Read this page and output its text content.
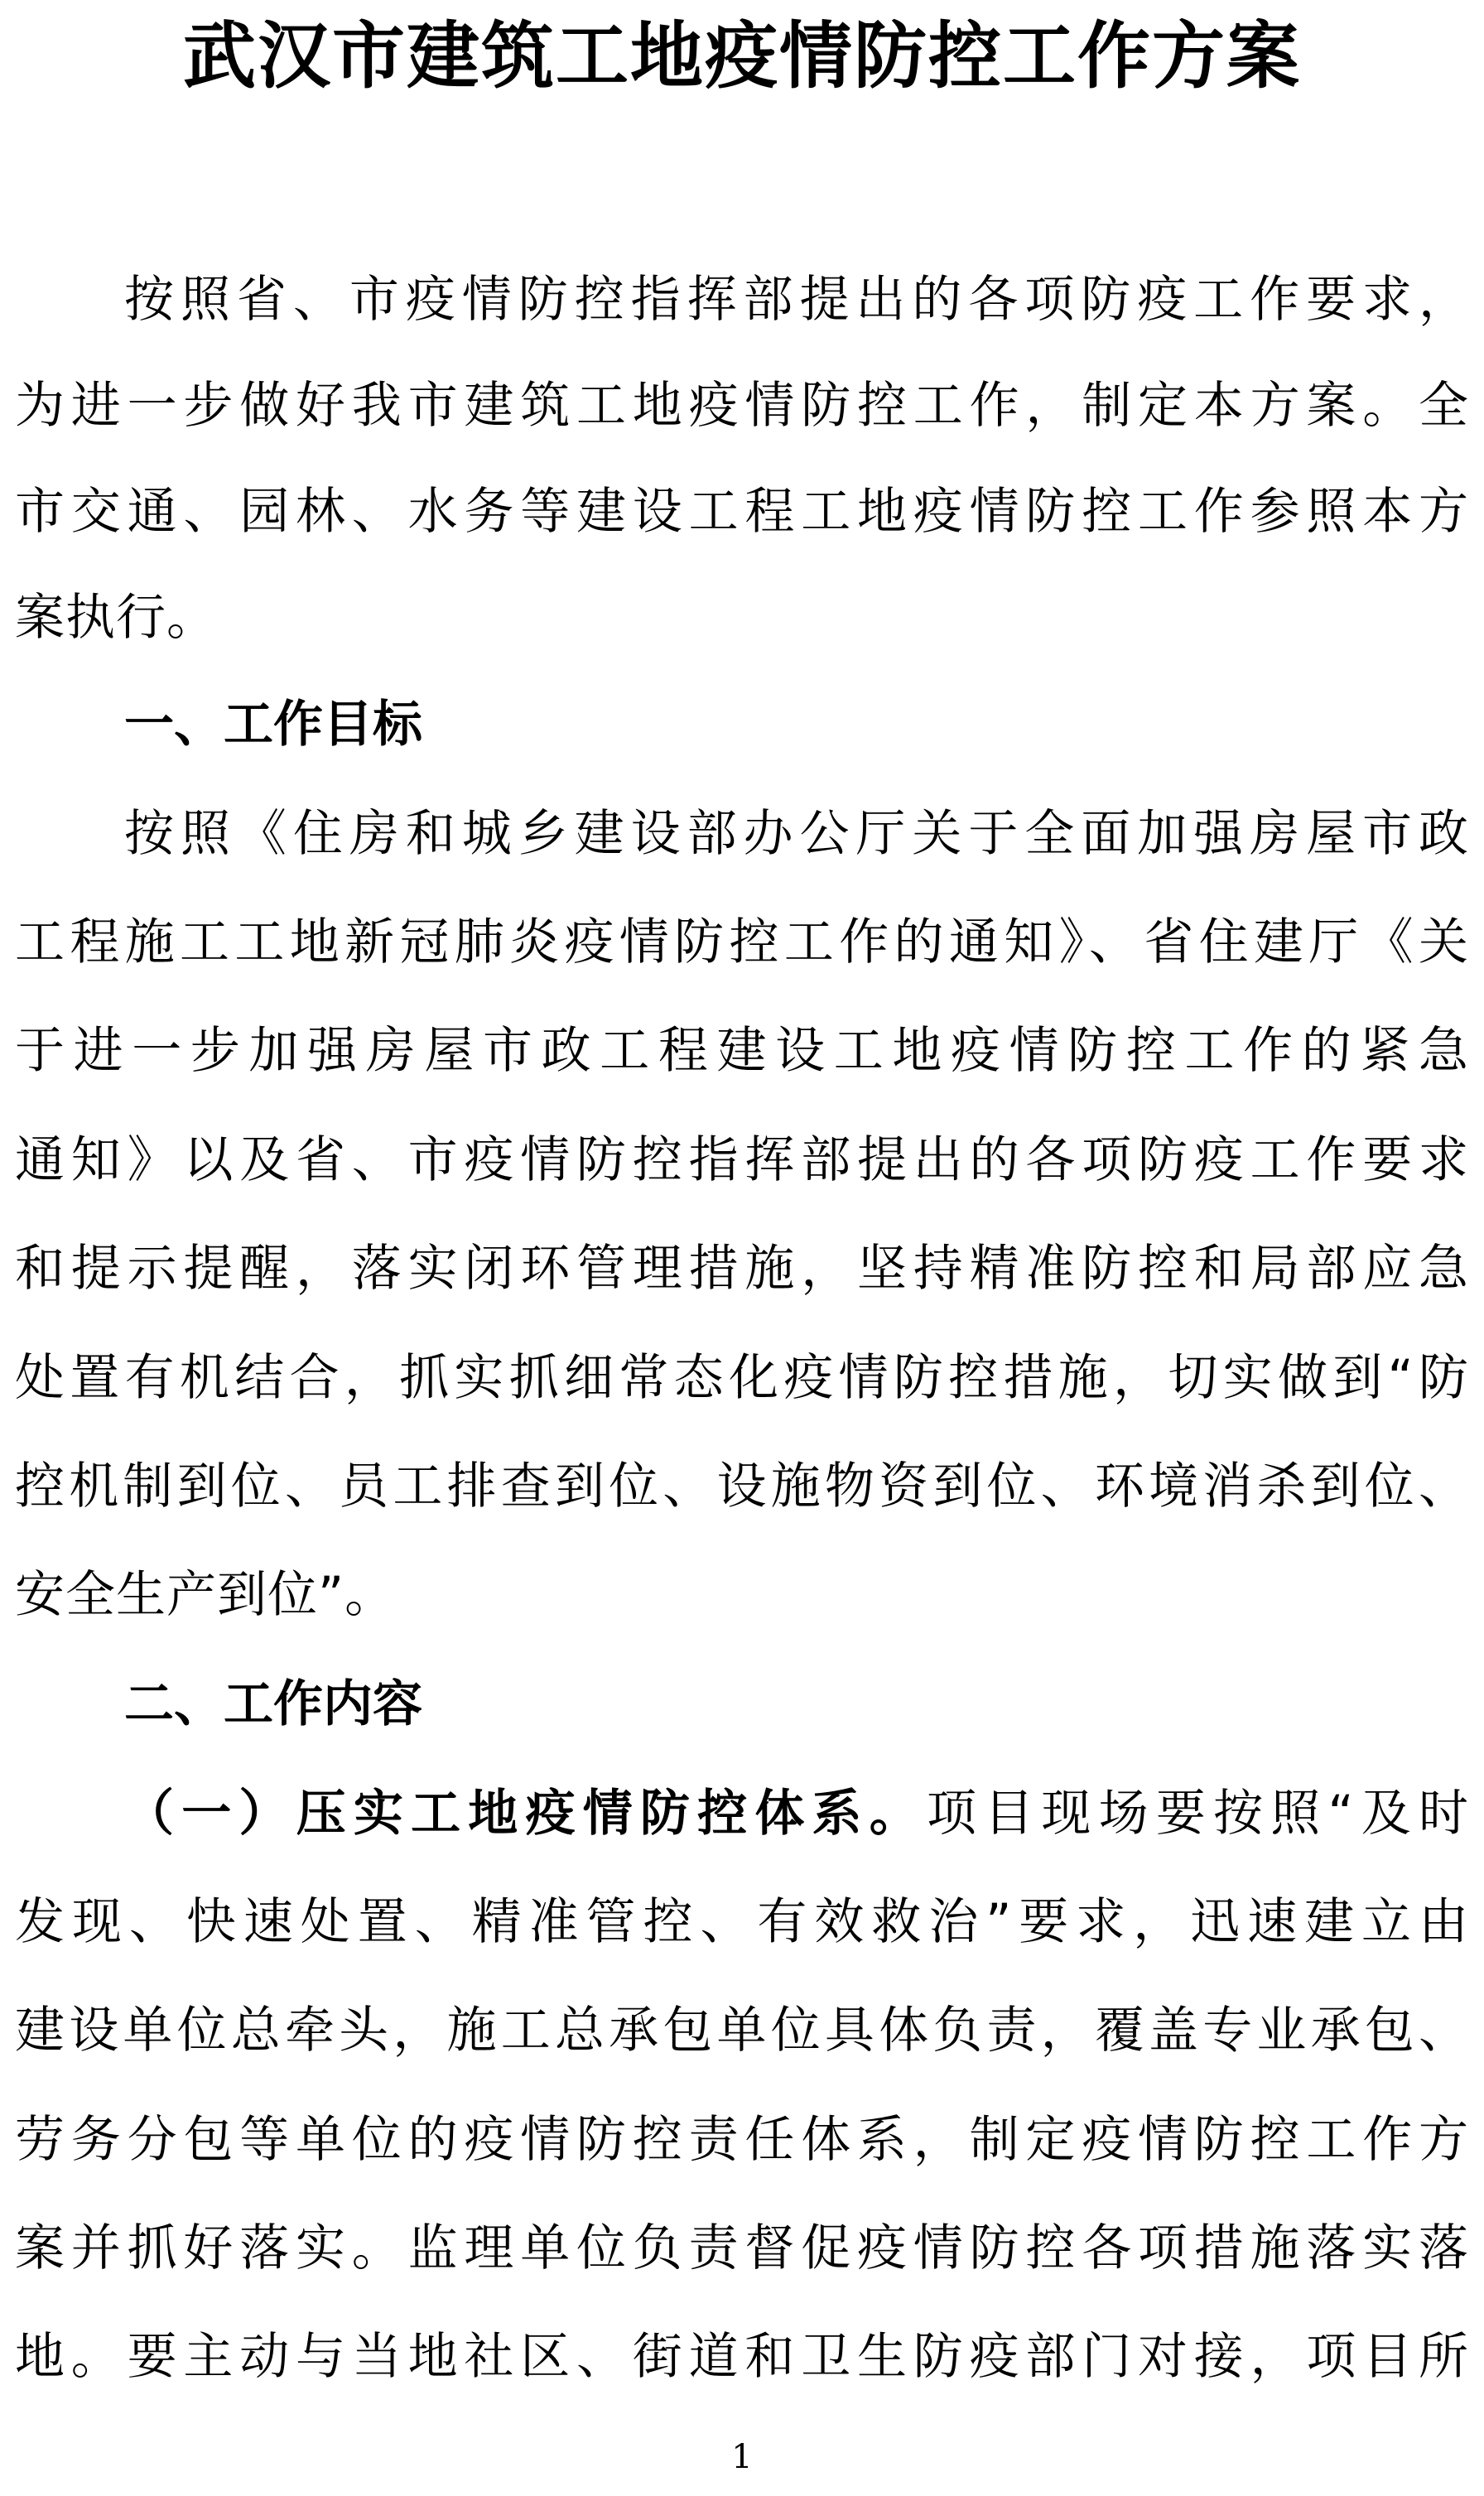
武汉市建筑工地疫情防控工作方案
按照省、市疫情防控指挥部提出的各项防疫工作要求，
为进一步做好我市建筑工地疫情防控工作，制定本方案。全
市交通、园林、水务等建设工程工地疫情防控工作参照本方
案执行。
一、工作目标
按照《住房和城乡建设部办公厅关于全面加强房屋市政
工程施工工地新冠肺炎疫情防控工作的通知》、省住建厅《关
于进一步加强房屋市政工程建设工地疫情防控工作的紧急
通知》以及省、市疫情防控指挥部提出的各项防疫工作要求
和提示提醒，落实闭环管理措施，坚持精准防控和局部应急
处置有机结合，抓实抓细常态化疫情防控措施，切实做到“防
控机制到位、员工排查到位、设施物资到位、环境消杀到位、
安全生产到位”。
二、工作内容
（一）压实工地疫情防控体系。项目现场要按照“及时
发现、快速处置、精准管控、有效救治”要求，迅速建立由
建设单位总牵头，施工总承包单位具体负责，覆盖专业承包、
劳务分包等单位的疫情防控责任体系，制定疫情防控工作方
案并抓好落实。监理单位负责督促疫情防控各项措施落实落
地。要主动与当地社区、街道和卫生防疫部门对接，项目所
1
